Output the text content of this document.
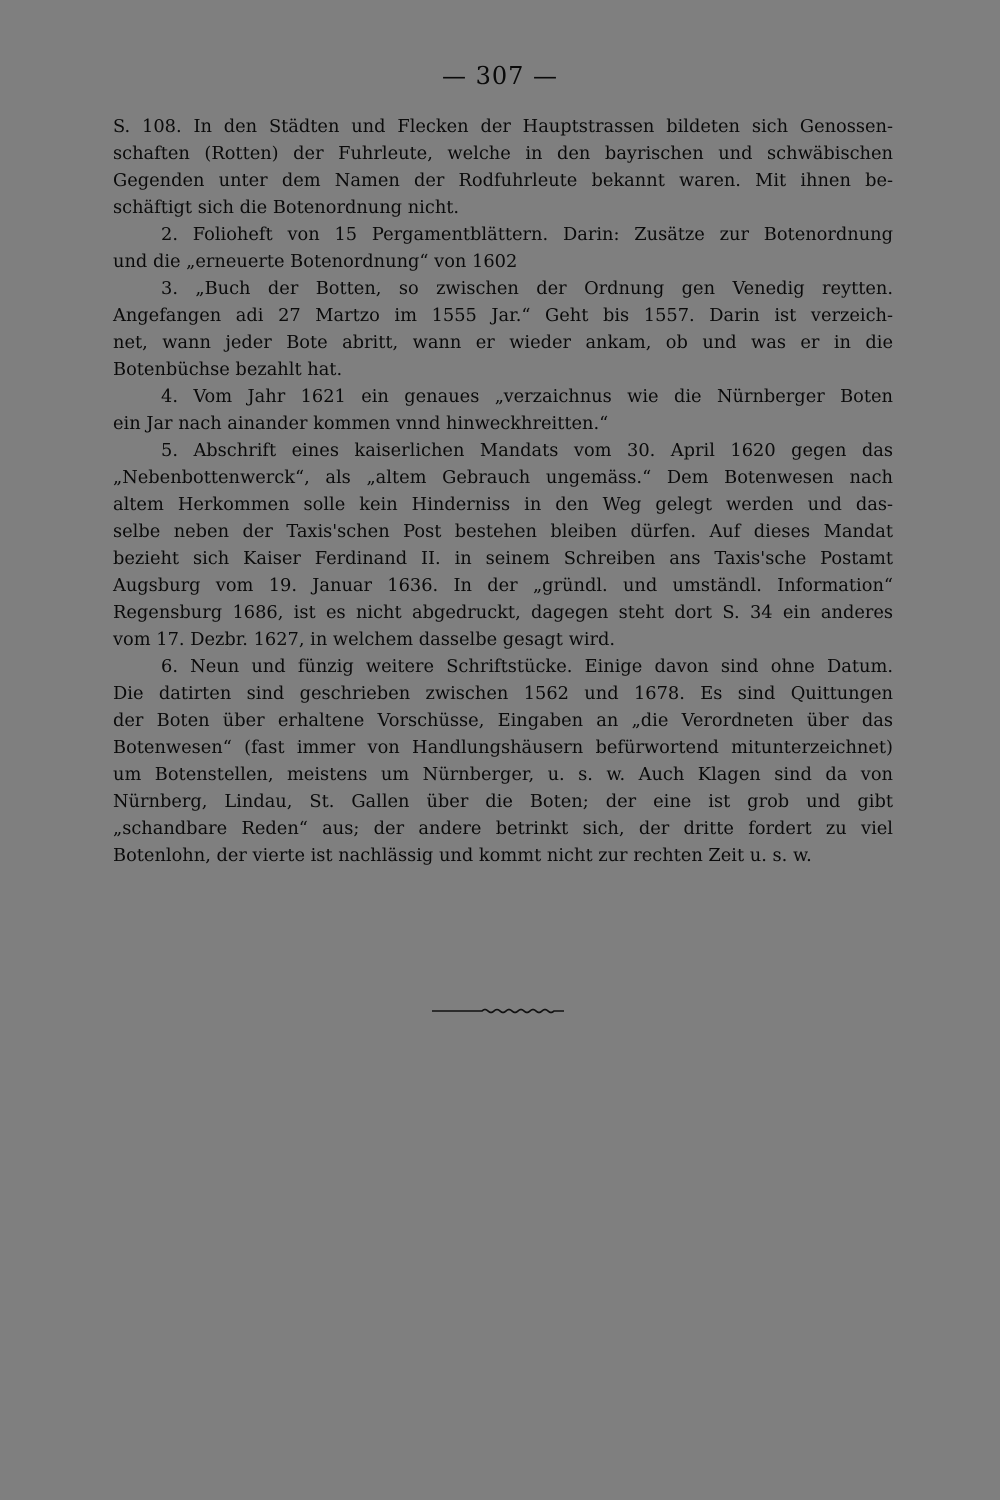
— 307 —
S. 108. In den Städten und Flecken der Hauptstrassen bildeten sich Genossen-
schaften (Rotten) der Fuhrleute, welche in den bayrischen und schwäbischen
Gegenden unter dem Namen der Rodfuhrleute bekannt waren. Mit ihnen be-
schäftigt sich die Botenordnung nicht.
2. Folioheft von 15 Pergamentblättern. Darin: Zusätze zur Botenordnung
und die „erneuerte Botenordnung“ von 1602
3. „Buch der Botten, so zwischen der Ordnung gen Venedig reytten.
Angefangen adi 27 Martzo im 1555 Jar.“ Geht bis 1557. Darin ist verzeich-
net, wann jeder Bote abritt, wann er wieder ankam, ob und was er in die
Botenbüchse bezahlt hat.
4. Vom Jahr 1621 ein genaues „verzaichnus wie die Nürnberger Boten
ein Jar nach ainander kommen vnnd hinweckhreitten.“
5. Abschrift eines kaiserlichen Mandats vom 30. April 1620 gegen das
„Nebenbottenwerck“, als „altem Gebrauch ungemäss.“ Dem Botenwesen nach
altem Herkommen solle kein Hinderniss in den Weg gelegt werden und das-
selbe neben der Taxis'schen Post bestehen bleiben dürfen. Auf dieses Mandat
bezieht sich Kaiser Ferdinand II. in seinem Schreiben ans Taxis'sche Postamt
Augsburg vom 19. Januar 1636. In der „gründl. und umständl. Information“
Regensburg 1686, ist es nicht abgedruckt, dagegen steht dort S. 34 ein anderes
vom 17. Dezbr. 1627, in welchem dasselbe gesagt wird.
6. Neun und fünzig weitere Schriftstücke. Einige davon sind ohne Datum.
Die datirten sind geschrieben zwischen 1562 und 1678. Es sind Quittungen
der Boten über erhaltene Vorschüsse, Eingaben an „die Verordneten über das
Botenwesen“ (fast immer von Handlungshäusern befürwortend mitunterzeichnet)
um Botenstellen, meistens um Nürnberger, u. s. w. Auch Klagen sind da von
Nürnberg, Lindau, St. Gallen über die Boten; der eine ist grob und gibt
„schandbare Reden“ aus; der andere betrinkt sich, der dritte fordert zu viel
Botenlohn, der vierte ist nachlässig und kommt nicht zur rechten Zeit u. s. w.
